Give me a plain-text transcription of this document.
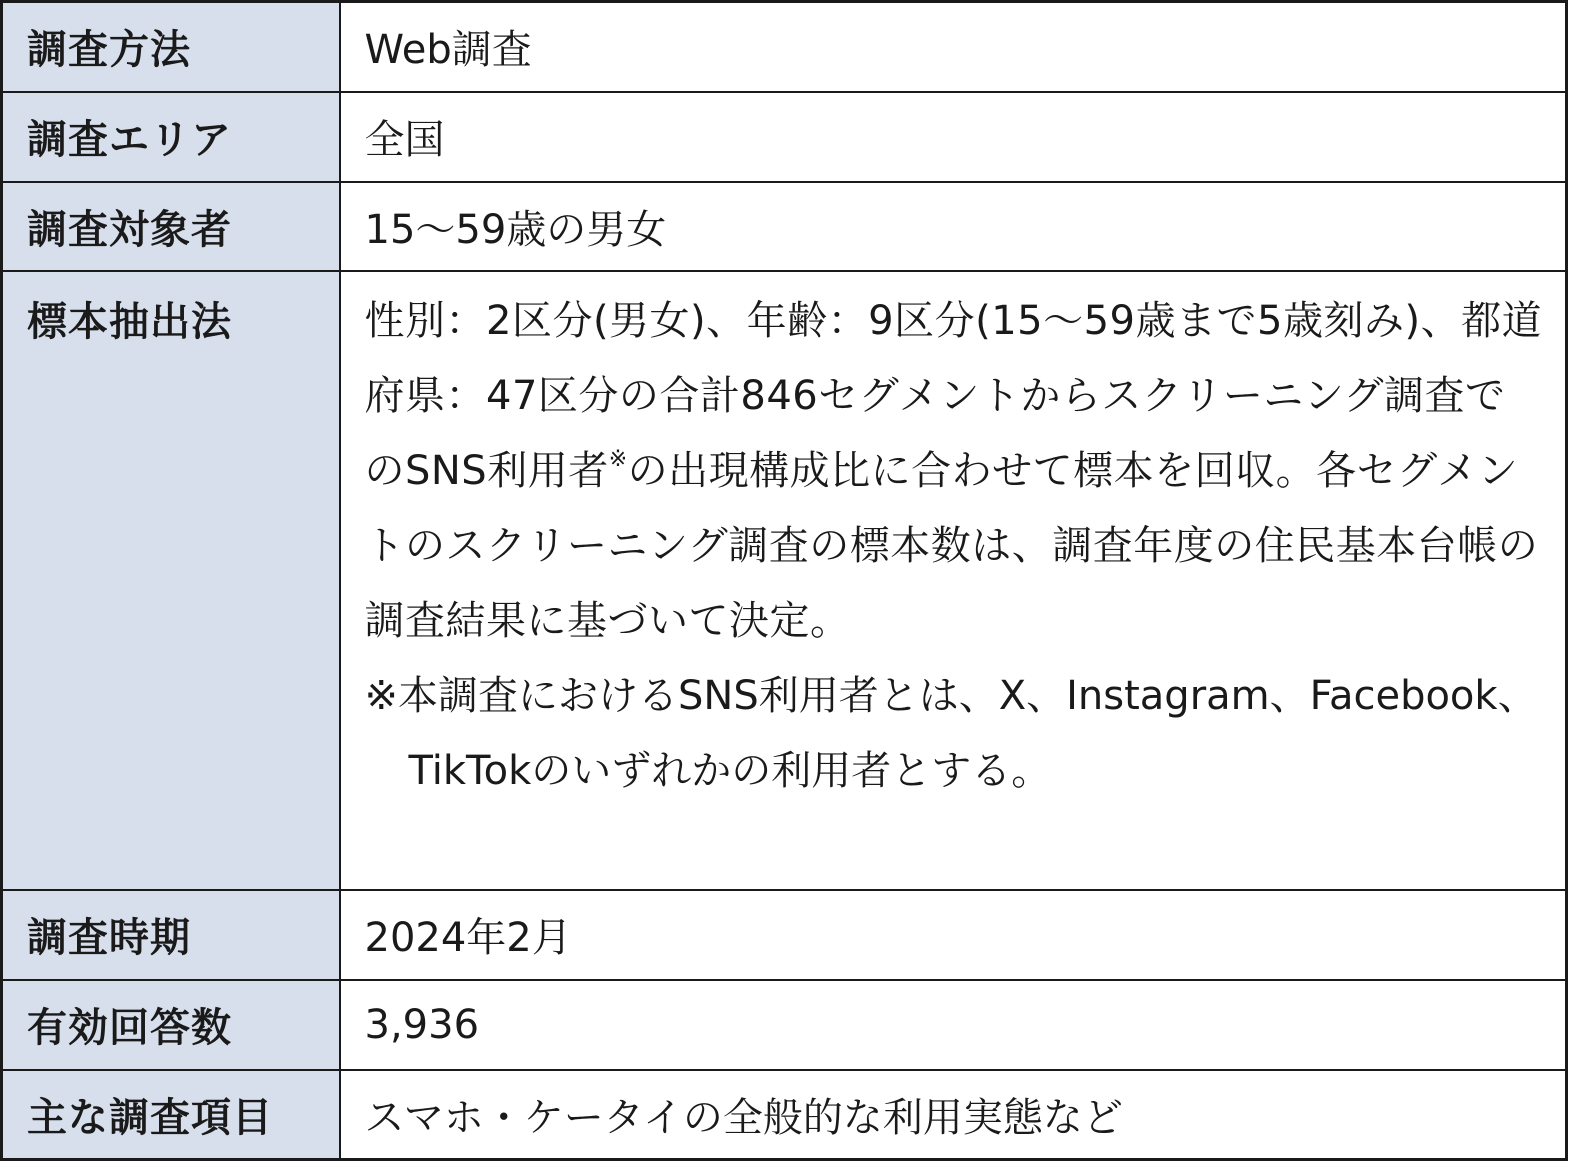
調査方法	Web調査
調査エリア	全国
調査対象者	15～59歳の男女
標本抽出法	性別：2区分(男女)、年齢：9区分(15～59歳まで5歳刻み)、都道府県：47区分の合計846セグメントからスクリーニング調査でのSNS利用者※の出現構成比に合わせて標本を回収。各セグメントのスクリーニング調査の標本数は、調査年度の住民基本台帳の調査結果に基づいて決定。
※本調査におけるSNS利用者とは、X、Instagram、Facebook、
TikTokのいずれかの利用者とする。

調査時期	2024年2月
有効回答数	3,936
主な調査項目	スマホ・ケータイの全般的な利用実態など
